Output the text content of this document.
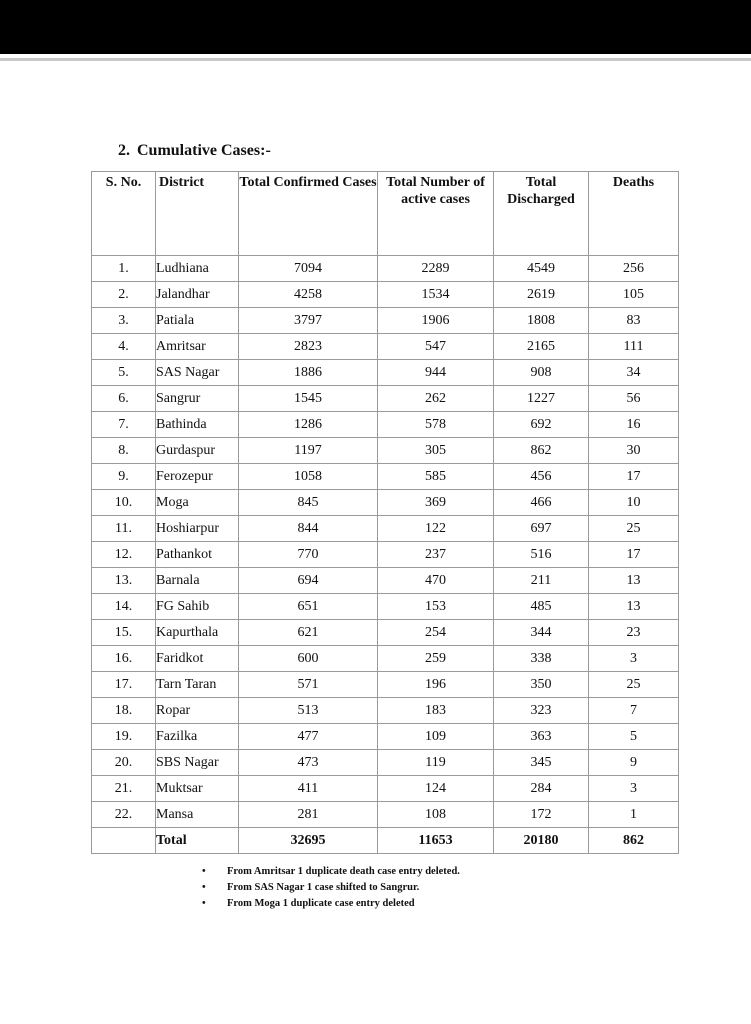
2. Cumulative Cases:-
S. No.	District	Total Confirmed Cases	Total Number of active cases	Total Discharged	Deaths
1.	Ludhiana	7094	2289	4549	256
2.	Jalandhar	4258	1534	2619	105
3.	Patiala	3797	1906	1808	83
4.	Amritsar	2823	547	2165	111
5.	SAS Nagar	1886	944	908	34
6.	Sangrur	1545	262	1227	56
7.	Bathinda	1286	578	692	16
8.	Gurdaspur	1197	305	862	30
9.	Ferozepur	1058	585	456	17
10.	Moga	845	369	466	10
11.	Hoshiarpur	844	122	697	25
12.	Pathankot	770	237	516	17
13.	Barnala	694	470	211	13
14.	FG Sahib	651	153	485	13
15.	Kapurthala	621	254	344	23
16.	Faridkot	600	259	338	3
17.	Tarn Taran	571	196	350	25
18.	Ropar	513	183	323	7
19.	Fazilka	477	109	363	5
20.	SBS Nagar	473	119	345	9
21.	Muktsar	411	124	284	3
22.	Mansa	281	108	172	1
	Total	32695	11653	20180	862
• From Amritsar 1 duplicate death case entry deleted.
• From SAS Nagar 1 case shifted to Sangrur.
• From Moga 1 duplicate case entry deleted
